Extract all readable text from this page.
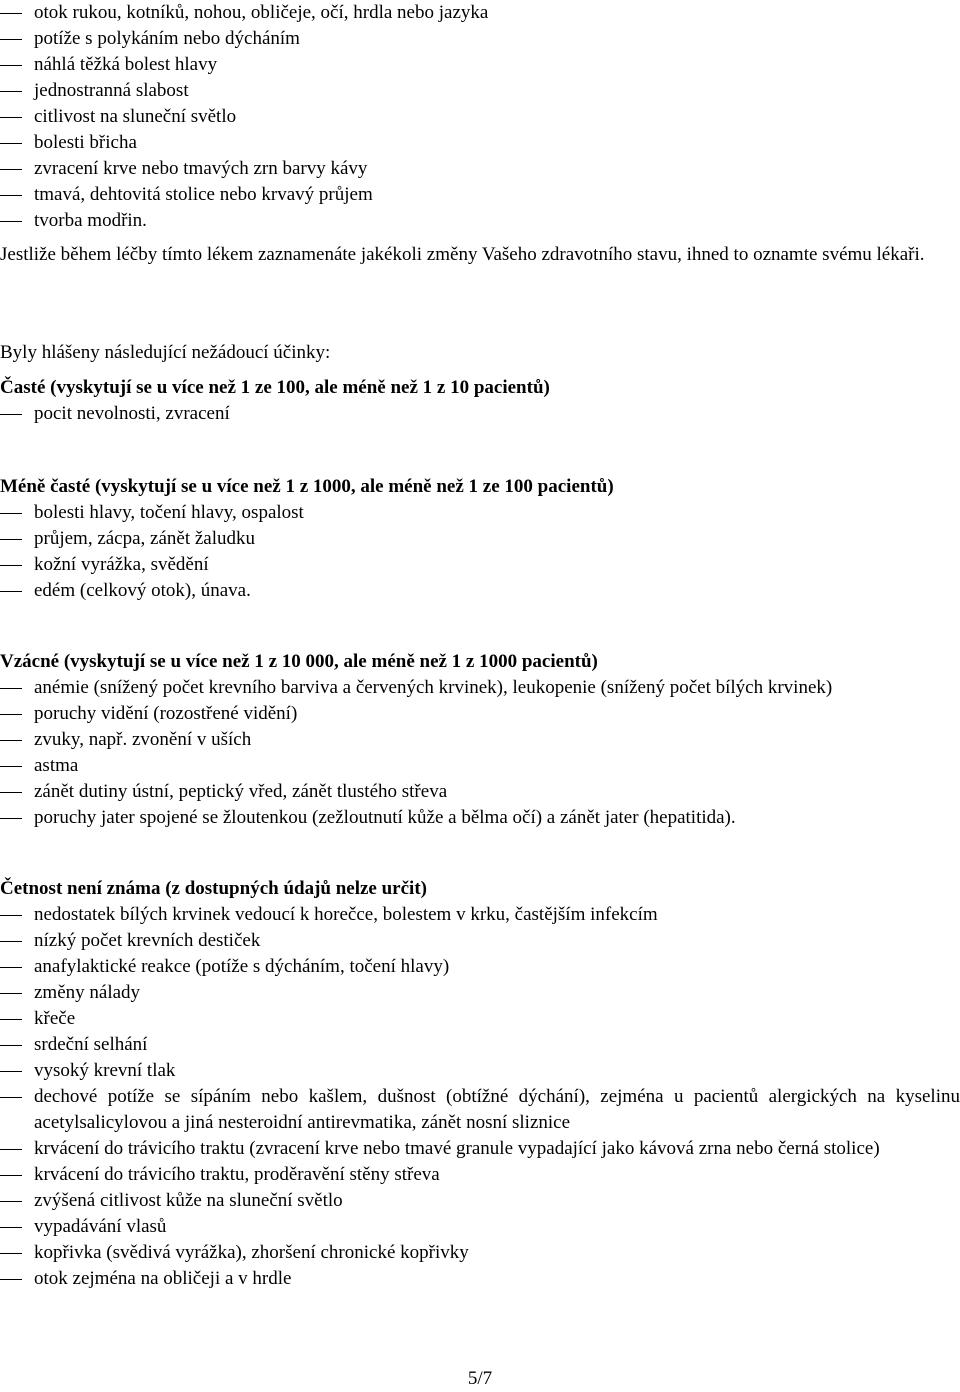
otok rukou, kotníků, nohou, obličeje, očí, hrdla nebo jazyka
potíže s polykáním nebo dýcháním
náhlá těžká bolest hlavy
jednostranná slabost
citlivost na sluneční světlo
bolesti břicha
zvracení krve nebo tmavých zrn barvy kávy
tmavá, dehtovitá stolice nebo krvavý průjem
tvorba modřin.

Jestliže během léčby tímto lékem zaznamenáte jakékoli změny Vašeho zdravotního stavu, ihned to oznamte svému lékaři.

Byly hlášeny následující nežádoucí účinky:

Časté (vyskytují se u více než 1 ze 100, ale méně než 1 z 10 pacientů)

pocit nevolnosti, zvracení

Méně časté (vyskytují se u více než 1 z 1000, ale méně než 1 ze 100 pacientů)

bolesti hlavy, točení hlavy, ospalost
průjem, zácpa, zánět žaludku
kožní vyrážka, svědění
edém (celkový otok), únava.

Vzácné (vyskytují se u více než 1 z 10 000, ale méně než 1 z 1000 pacientů)

anémie (snížený počet krevního barviva a červených krvinek), leukopenie (snížený počet bílých krvinek)
poruchy vidění (rozostřené vidění)
zvuky, např. zvonění v uších
astma
zánět dutiny ústní, peptický vřed, zánět tlustého střeva
poruchy jater spojené se žloutenkou (zežloutnutí kůže a bělma očí) a zánět jater (hepatitida).

Četnost není známa (z dostupných údajů nelze určit)

nedostatek bílých krvinek vedoucí k horečce, bolestem v krku, častějším infekcím
nízký počet krevních destiček
anafylaktické reakce (potíže s dýcháním, točení hlavy)
změny nálady
křeče
srdeční selhání
vysoký krevní tlak
dechové potíže se sípáním nebo kašlem, dušnost (obtížné dýchání), zejména u pacientů alergických na kyselinu acetylsalicylovou a jiná nesteroidní antirevmatika, zánět nosní sliznice
krvácení do trávicího traktu (zvracení krve nebo tmavé granule vypadající jako kávová zrna nebo černá stolice)
krvácení do trávicího traktu, proděravění stěny střeva
zvýšená citlivost kůže na sluneční světlo
vypadávání vlasů
kopřivka (svědivá vyrážka), zhoršení chronické kopřivky
otok zejména na obličeji a v hrdle
5/7
